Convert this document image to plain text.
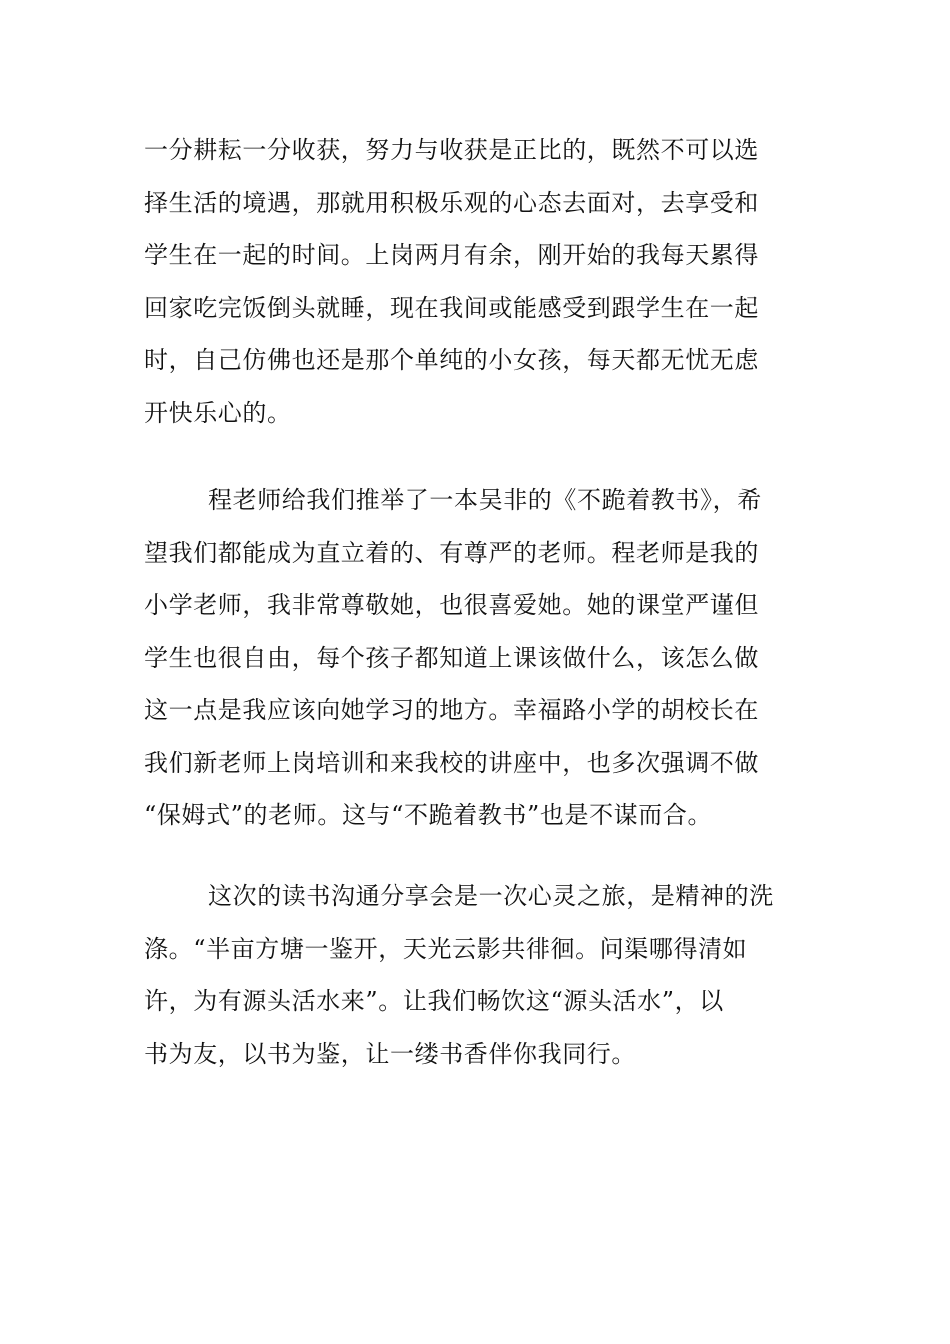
一分耕耘一分收获，努力与收获是正比的，既然不可以选
择生活的境遇，那就用积极乐观的心态去面对，去享受和
学生在一起的时间。上岗两月有余，刚开始的我每天累得
回家吃完饭倒头就睡，现在我间或能感受到跟学生在一起
时，自己仿佛也还是那个单纯的小女孩，每天都无忧无虑
开快乐心的。
程老师给我们推举了一本吴非的《不跪着教书》，希
望我们都能成为直立着的、有尊严的老师。程老师是我的
小学老师，我非常尊敬她，也很喜爱她。她的课堂严谨但
学生也很自由，每个孩子都知道上课该做什么，该怎么做
这一点是我应该向她学习的地方。幸福路小学的胡校长在
我们新老师上岗培训和来我校的讲座中，也多次强调不做
“保姆式”的老师。这与“不跪着教书”也是不谋而合。
这次的读书沟通分享会是一次心灵之旅，是精神的洗
涤。“半亩方塘一鉴开，天光云影共徘徊。问渠哪得清如
许，为有源头活水来”。让我们畅饮这“源头活水”，以
书为友，以书为鉴，让一缕书香伴你我同行。
